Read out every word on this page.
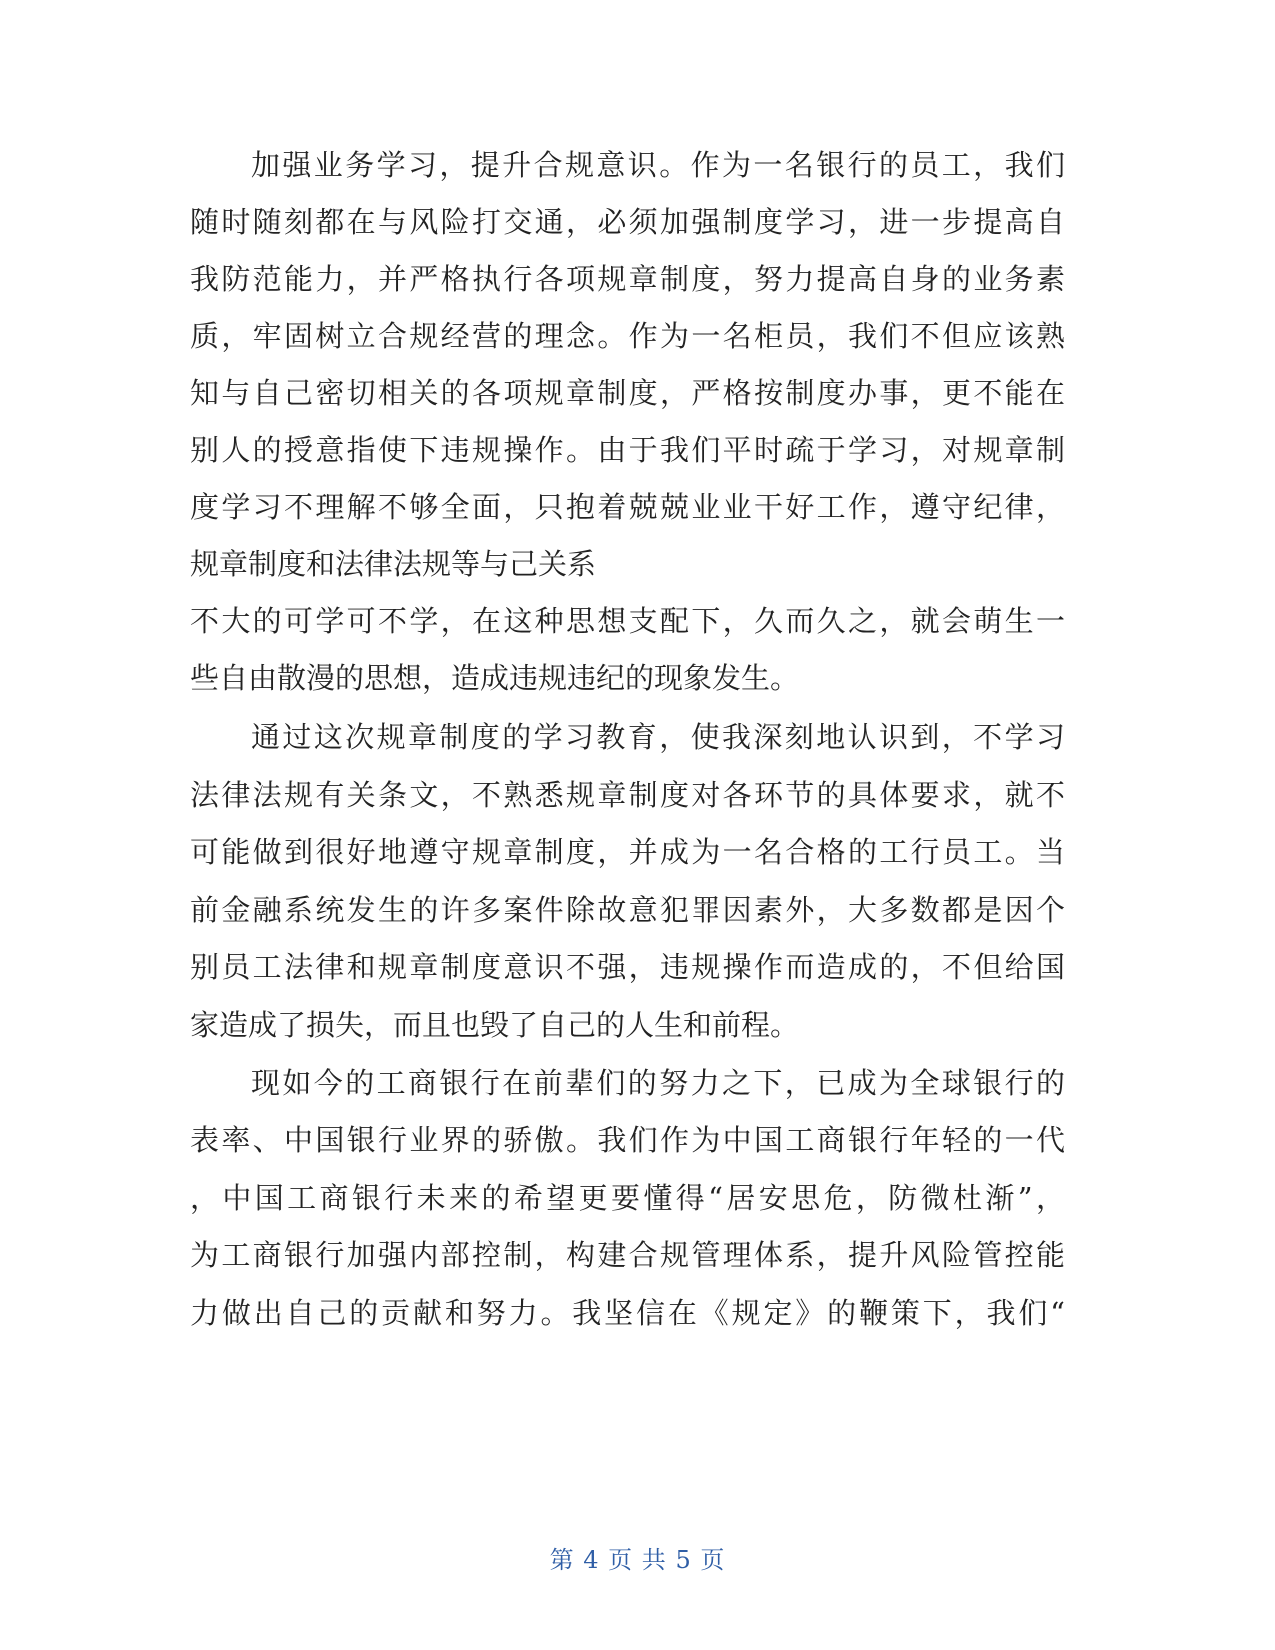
加强业务学习，提升合规意识。作为一名银行的员工，我们
随时随刻都在与风险打交通，必须加强制度学习，进一步提高自
我防范能力，并严格执行各项规章制度，努力提高自身的业务素
质，牢固树立合规经营的理念。作为一名柜员，我们不但应该熟
知与自己密切相关的各项规章制度，严格按制度办事，更不能在
别人的授意指使下违规操作。由于我们平时疏于学习，对规章制
度学习不理解不够全面，只抱着兢兢业业干好工作，遵守纪律，
规章制度和法律法规等与己关系
不大的可学可不学，在这种思想支配下，久而久之，就会萌生一
些自由散漫的思想，造成违规违纪的现象发生。
通过这次规章制度的学习教育，使我深刻地认识到，不学习
法律法规有关条文，不熟悉规章制度对各环节的具体要求，就不
可能做到很好地遵守规章制度，并成为一名合格的工行员工。当
前金融系统发生的许多案件除故意犯罪因素外，大多数都是因个
别员工法律和规章制度意识不强，违规操作而造成的，不但给国
家造成了损失，而且也毁了自己的人生和前程。
现如今的工商银行在前辈们的努力之下，已成为全球银行的
表率、中国银行业界的骄傲。我们作为中国工商银行年轻的一代
，中国工商银行未来的希望更要懂得“居安思危，防微杜渐”，
为工商银行加强内部控制，构建合规管理体系，提升风险管控能
力做出自己的贡献和努力。我坚信在《规定》的鞭策下，我们“
第 4 页 共 5 页
